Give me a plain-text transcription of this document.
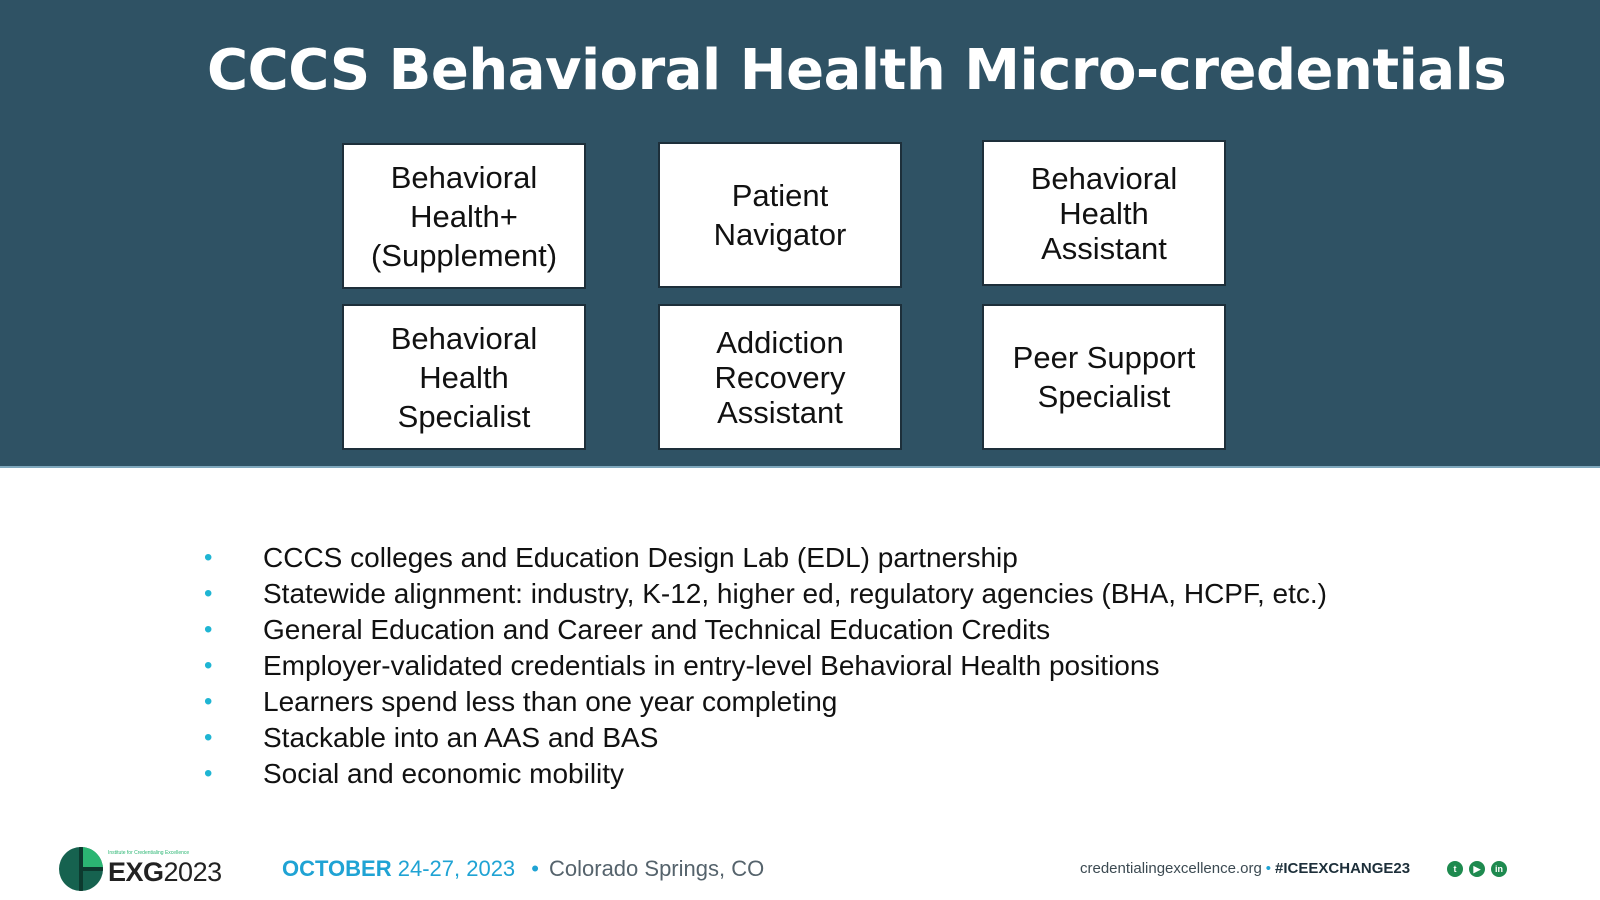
CCCS Behavioral Health Micro-credentials
Behavioral
Health+
(Supplement)
Patient
Navigator
Behavioral
Health
Assistant
Behavioral
Health
Specialist
Addiction
Recovery
Assistant
Peer Support
Specialist
• CCCS colleges and Education Design Lab (EDL) partnership
• Statewide alignment: industry, K-12, higher ed, regulatory agencies (BHA, HCPF, etc.)
• General Education and Career and Technical Education Credits
• Employer-validated credentials in entry-level Behavioral Health positions
• Learners spend less than one year completing
• Stackable into an AAS and BAS
• Social and economic mobility
Institute for Credentialing Excellence
EXG2023	OCTOBER 24-27, 2023 • Colorado Springs, CO	credentialingexcellence.org • #ICEEXCHANGE23	t	▶	in
